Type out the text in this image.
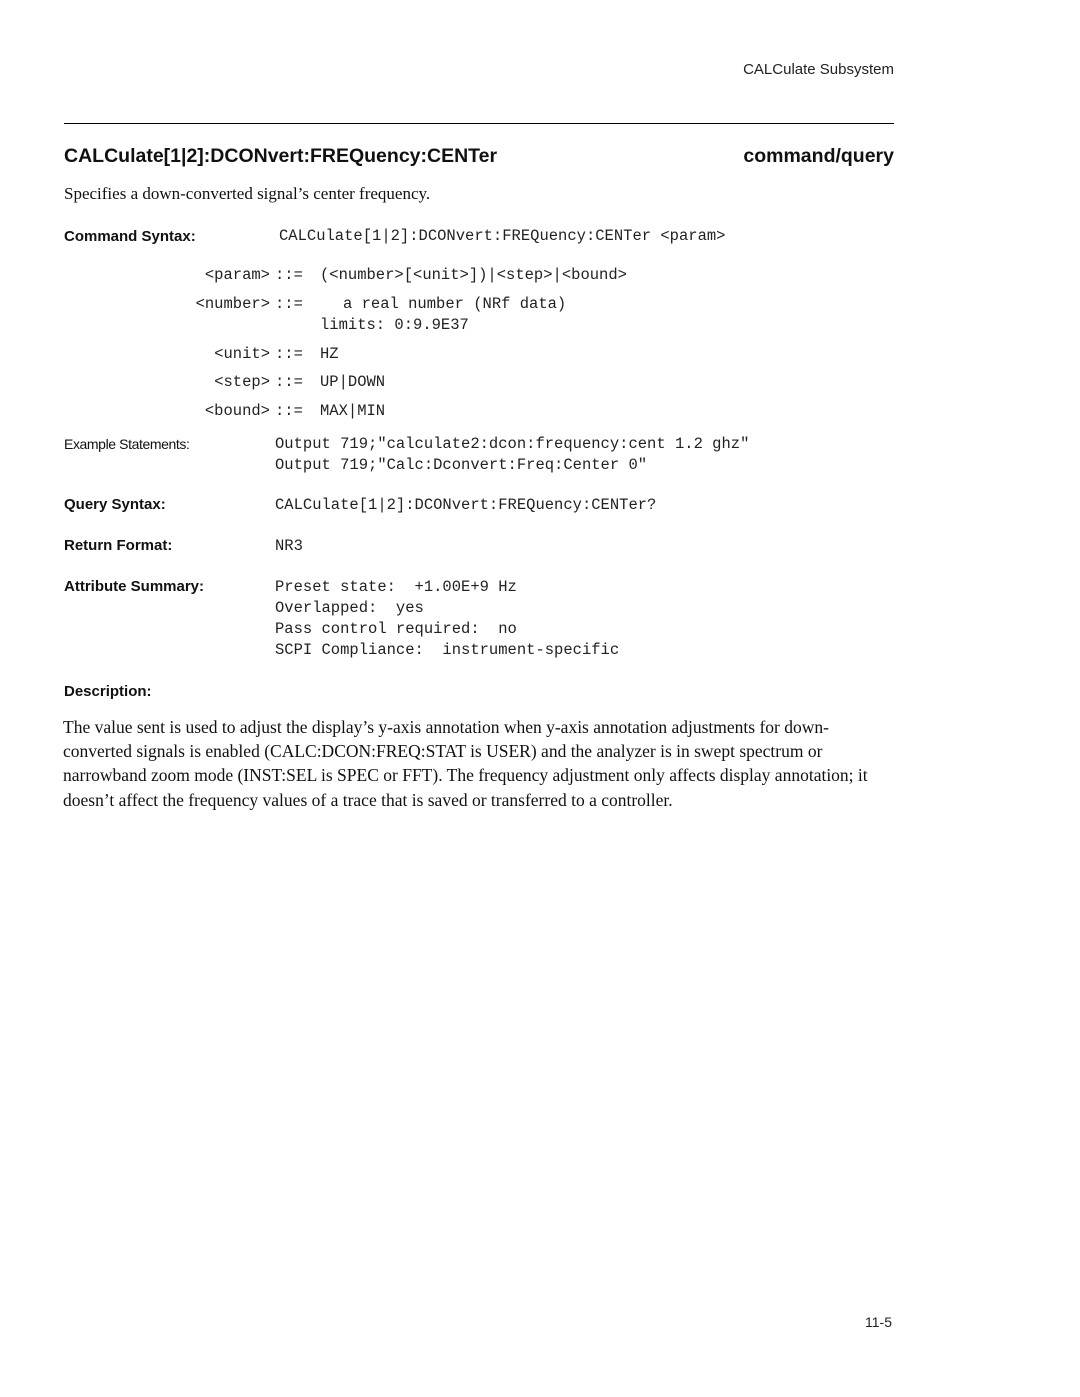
CALCulate Subsystem
CALCulate[1|2]:DCONvert:FREQuency:CENTer	command/query
Specifies a down-converted signal’s center frequency.
Command Syntax:	CALCulate[1|2]:DCONvert:FREQuency:CENTer <param>
<param> ::= (<number>[<unit>])|<step>|<bound>
<number> ::=	a real number (NRf data)
limits: 0:9.9E37
<unit> ::= HZ
<step> ::= UP|DOWN
<bound> ::= MAX|MIN
Example Statements:	Output 719;"calculate2:dcon:frequency:cent 1.2 ghz"
Output 719;"Calc:Dconvert:Freq:Center 0"
Query Syntax:	CALCulate[1|2]:DCONvert:FREQuency:CENTer?
Return Format:	NR3
Attribute Summary:	Preset state:  +1.00E+9 Hz
Overlapped:  yes
Pass control required:  no
SCPI Compliance:  instrument-specific
Description:
The value sent is used to adjust the display’s y-axis annotation when y-axis annotation adjustments for down-converted signals is enabled (CALC:DCON:FREQ:STAT is USER) and the analyzer is in swept spectrum or narrowband zoom mode (INST:SEL is SPEC or FFT). The frequency adjustment only affects display annotation; it doesn’t affect the frequency values of a trace that is saved or transferred to a controller.
11-5
